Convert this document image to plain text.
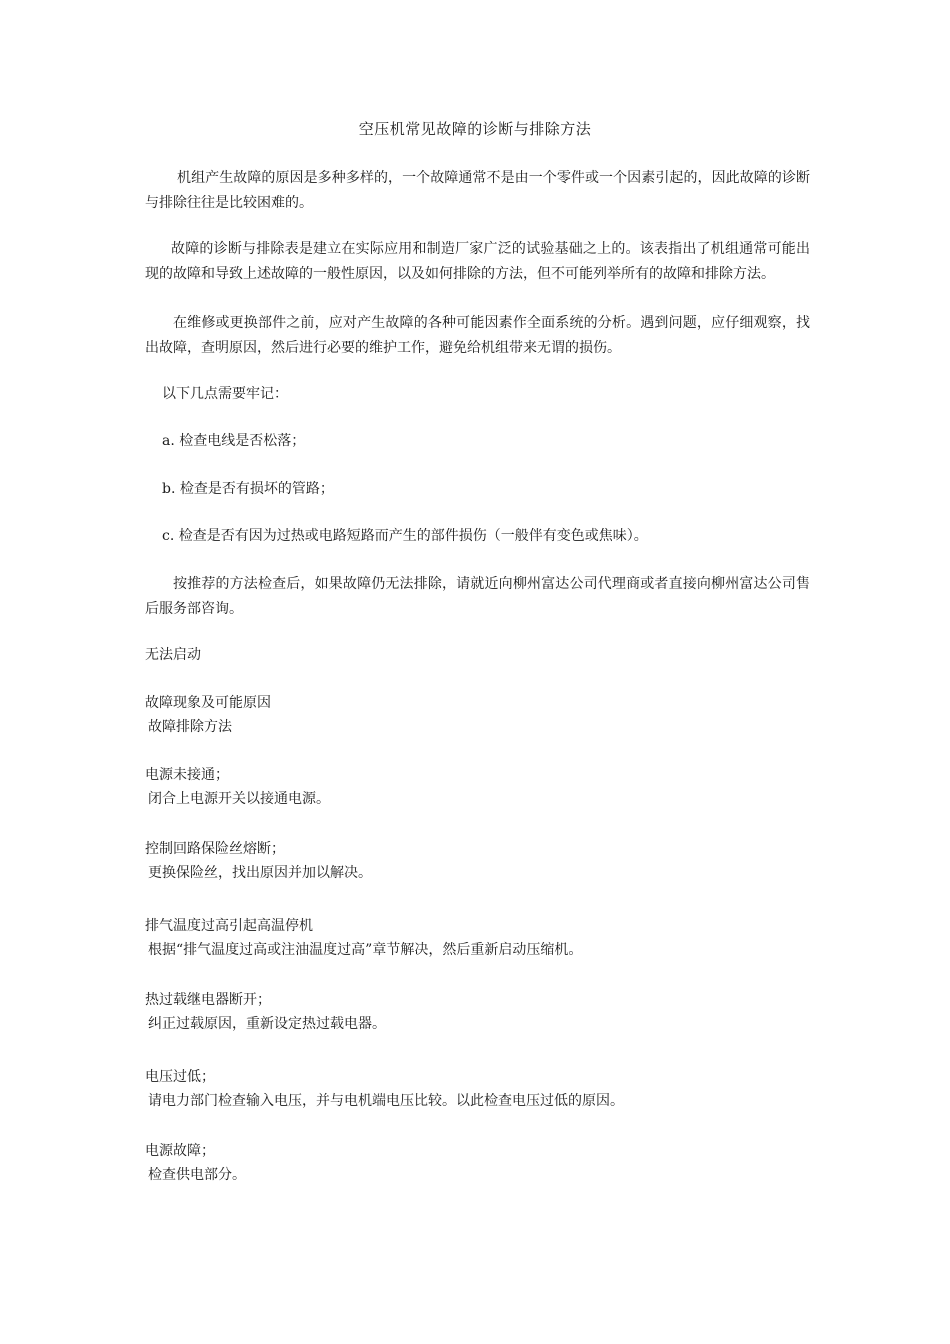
空压机常见故障的诊断与排除方法

机组产生故障的原因是多种多样的，一个故障通常不是由一个零件或一个因素引起的，因此故障的诊断与排除往往是比较困难的。

故障的诊断与排除表是建立在实际应用和制造厂家广泛的试验基础之上的。该表指出了机组通常可能出现的故障和导致上述故障的一般性原因，以及如何排除的方法，但不可能列举所有的故障和排除方法。

在维修或更换部件之前，应对产生故障的各种可能因素作全面系统的分析。遇到问题，应仔细观察，找出故障，查明原因，然后进行必要的维护工作，避免给机组带来无谓的损伤。

以下几点需要牢记：
a. 检查电线是否松落；
b. 检查是否有损坏的管路；
c. 检查是否有因为过热或电路短路而产生的部件损伤（一般伴有变色或焦味）。

按推荐的方法检查后，如果故障仍无法排除，请就近向柳州富达公司代理商或者直接向柳州富达公司售后服务部咨询。

无法启动
故障现象及可能原因
故障排除方法
电源未接通；
闭合上电源开关以接通电源。
控制回路保险丝熔断；
更换保险丝，找出原因并加以解决。
排气温度过高引起高温停机
根据“排气温度过高或注油温度过高”章节解决，然后重新启动压缩机。
热过载继电器断开；
纠正过载原因，重新设定热过载电器。
电压过低；
请电力部门检查输入电压，并与电机端电压比较。以此检查电压过低的原因。
电源故障；
检查供电部分。
